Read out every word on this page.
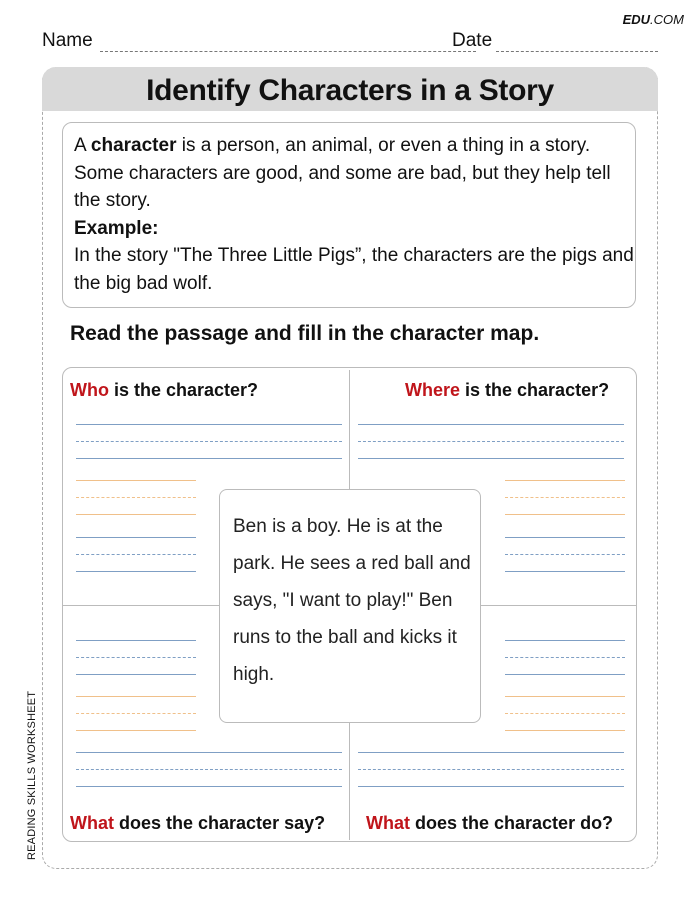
EDU.COM
Name	Date
Identify Characters in a Story
A character is a person, an animal, or even a thing in a story. Some characters are good, and some are bad, but they help tell the story.
Example:
In the story "The Three Little Pigs”, the characters are the pigs and the big bad wolf.
Read the passage and fill in the character map.
Who is the character?	Where is the character?
What does the character say? What does the character do?
Ben is a boy. He is at the park. He sees a red ball and says, "I want to play!" Ben runs to the ball and kicks it high.
READING SKILLS WORKSHEET
